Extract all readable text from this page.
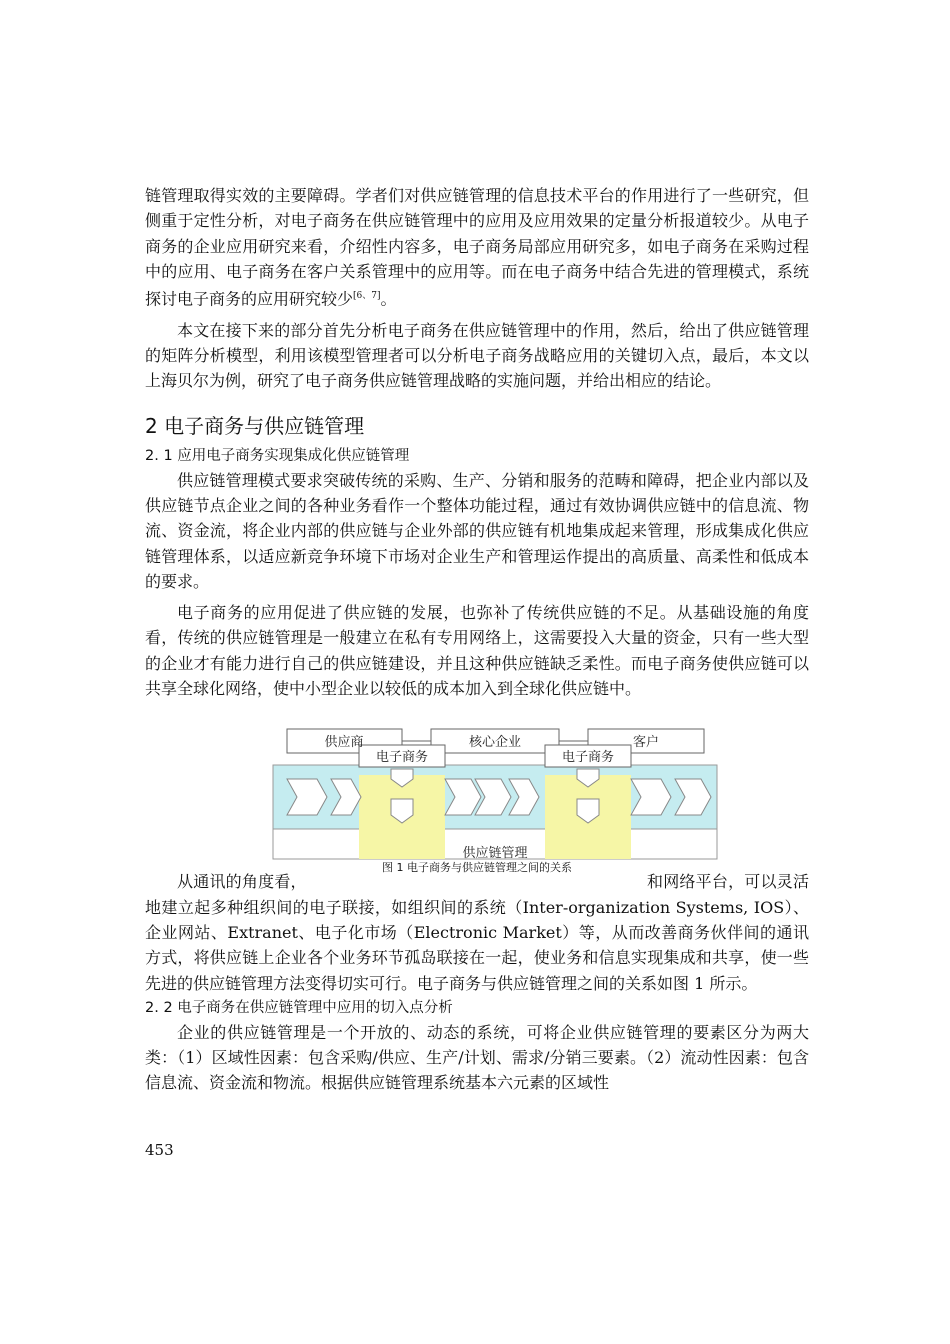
链管理取得实效的主要障碍。学者们对供应链管理的信息技术平台的作用进行了一些研究，但侧重于定性分析，对电子商务在供应链管理中的应用及应用效果的定量分析报道较少。从电子商务的企业应用研究来看，介绍性内容多，电子商务局部应用研究多，如电子商务在采购过程中的应用、电子商务在客户关系管理中的应用等。而在电子商务中结合先进的管理模式，系统探讨电子商务的应用研究较少[6、7]。

本文在接下来的部分首先分析电子商务在供应链管理中的作用，然后，给出了供应链管理的矩阵分析模型，利用该模型管理者可以分析电子商务战略应用的关键切入点，最后，本文以上海贝尔为例，研究了电子商务供应链管理战略的实施问题，并给出相应的结论。

2 电子商务与供应链管理
2. 1 应用电子商务实现集成化供应链管理

供应链管理模式要求突破传统的采购、生产、分销和服务的范畴和障碍，把企业内部以及供应链节点企业之间的各种业务看作一个整体功能过程，通过有效协调供应链中的信息流、物流、资金流，将企业内部的供应链与企业外部的供应链有机地集成起来管理，形成集成化供应链管理体系，以适应新竞争环境下市场对企业生产和管理运作提出的高质量、高柔性和低成本的要求。

电子商务的应用促进了供应链的发展，也弥补了传统供应链的不足。从基础设施的角度看，传统的供应链管理是一般建立在私有专用网络上，这需要投入大量的资金，只有一些大型的企业才有能力进行自己的供应链建设，并且这种供应链缺乏柔性。而电子商务使供应链可以共享全球化网络，使中小型企业以较低的成本加入到全球化供应链中。

供应商	核心企业	客户
电子商务	电子商务
供应链管理
图 1 电子商务与供应链管理之间的关系

从通讯的角度看，	和网络平台，可以灵活地建立起多种组织间的电子联接，如组织间的系统（Inter-organization Systems, IOS）、企业网站、Extranet、电子化市场（Electronic Market）等，从而改善商务伙伴间的通讯方式，将供应链上企业各个业务环节孤岛联接在一起，使业务和信息实现集成和共享，使一些先进的供应链管理方法变得切实可行。电子商务与供应链管理之间的关系如图 1 所示。

2. 2 电子商务在供应链管理中应用的切入点分析

企业的供应链管理是一个开放的、动态的系统，可将企业供应链管理的要素区分为两大类：（1）区域性因素：包含采购/供应、生产/计划、需求/分销三要素。（2）流动性因素：包含信息流、资金流和物流。根据供应链管理系统基本六元素的区域性

453
